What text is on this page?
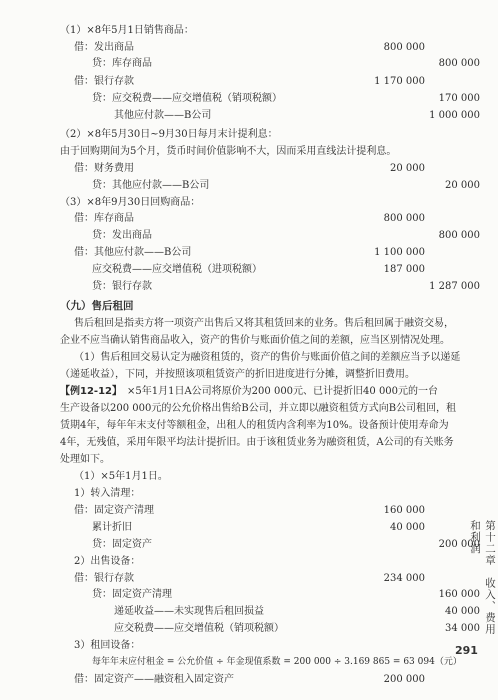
（1）×8年5月1日销售商品：
借：发出商品
贷：库存商品
借：银行存款
贷：应交税费——应交增值税（销项税额）
其他应付款——B公司
（2）×8年5月30日~9月30日每月末计提利息：
由于回购期间为5个月，货币时间价值影响不大，因而采用直线法计提利息。
借：财务费用
贷：其他应付款——B公司
（3）×8年9月30日回购商品：
借：库存商品
贷：发出商品
借：其他应付款——B公司
应交税费——应交增值税（进项税额）
贷：银行存款
售后租回是指卖方将一项资产出售后又将其租赁回来的业务。售后租回属于融资交易，
企业不应当确认销售商品收入，资产的售价与账面价值之间的差额，应当区别情况处理。
（1）售后租回交易认定为融资租赁的，资产的售价与账面价值之间的差额应当予以递延
（递延收益），下同，并按照该项租赁资产的折旧进度进行分摊，调整折旧费用。
×5年1月1日A公司将原价为200 000元、已计提折旧40 000元的一台
生产设备以200 000元的公允价格出售给B公司，并立即以融资租赁方式向B公司租回，租
赁期4年，每年年末支付等额租金，出租人的租赁内含利率为10%。设备预计使用寿命为
4年，无残值，采用年限平均法计提折旧。由于该租赁业务为融资租赁，A公司的有关账务
处理如下。
（1）×5年1月1日。
1）转入清理：
借：固定资产清理
累计折旧
贷：固定资产
2）出售设备：
借：银行存款
贷：固定资产清理
递延收益——未实现售后租回损益
应交税费——应交增值税（销项税额）
3）租回设备：
（九）售后租回
【例12-12】
每年年末应付租金 = 公允价值 ÷ 年金现值系数 = 200 000 ÷ 3.169 865 = 63 094（元）
借：固定资产——融资租入固定资产	200 000
800 000
800 000
1 170 000
170 000
1 000 000
20 000
20 000
800 000
800 000
1 100 000
187 000
1 287 000
160 000
40 000
200 000
234 000
160 000
40 000
34 000 第十二章　收入、费用和利润
291
